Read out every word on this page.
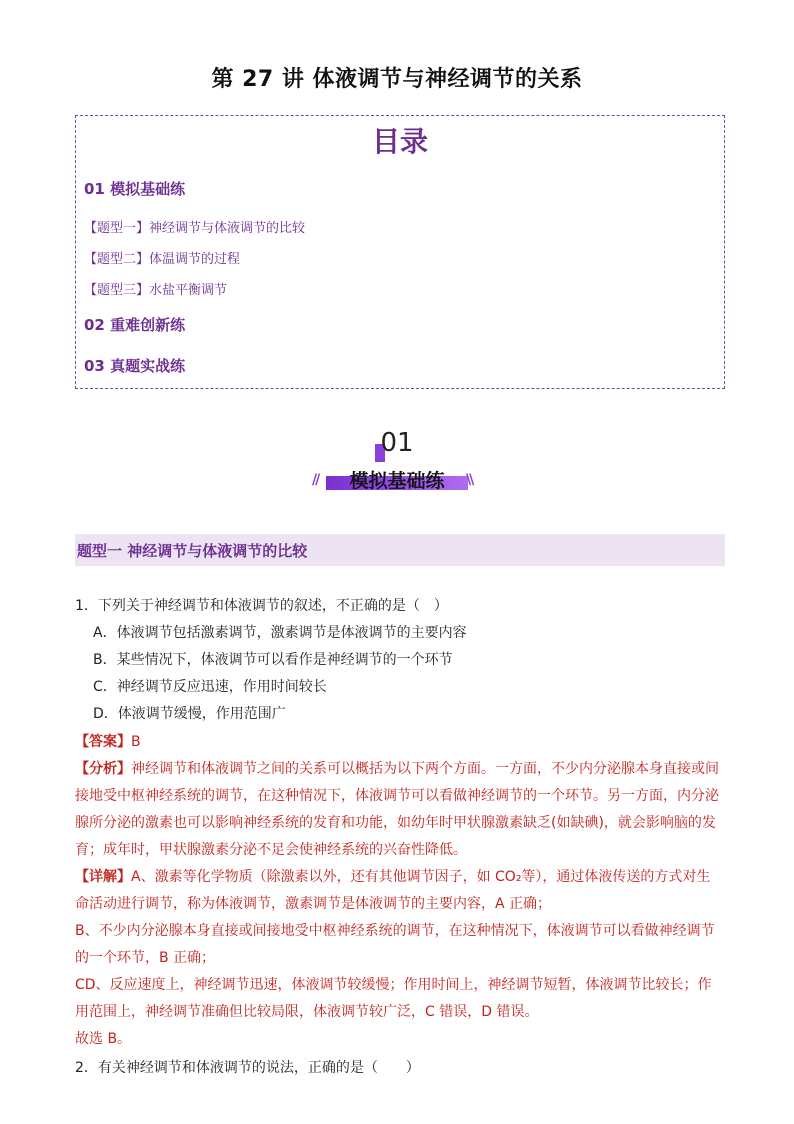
第 27 讲 体液调节与神经调节的关系
目录
01 模拟基础练
【题型一】神经调节与体液调节的比较
【题型二】体温调节的过程
【题型三】水盐平衡调节
02 重难创新练
03 真题实战练
01
//	模拟基础练	\\
题型一 神经调节与体液调节的比较
1．下列关于神经调节和体液调节的叙述，不正确的是（　）
A．体液调节包括激素调节，激素调节是体液调节的主要内容
B．某些情况下，体液调节可以看作是神经调节的一个环节
C．神经调节反应迅速，作用时间较长
D．体液调节缓慢，作用范围广
【答案】B
【分析】神经调节和体液调节之间的关系可以概括为以下两个方面。一方面，不少内分泌腺本身直接或间
接地受中枢神经系统的调节，在这种情况下，体液调节可以看做神经调节的一个环节。另一方面，内分泌
腺所分泌的激素也可以影响神经系统的发育和功能，如幼年时甲状腺激素缺乏(如缺碘)，就会影响脑的发
育；成年时，甲状腺激素分泌不足会使神经系统的兴奋性降低。
【详解】A、激素等化学物质（除激素以外，还有其他调节因子，如 CO₂等），通过体液传送的方式对生
命活动进行调节，称为体液调节，激素调节是体液调节的主要内容，A 正确；
B、不少内分泌腺本身直接或间接地受中枢神经系统的调节，在这种情况下，体液调节可以看做神经调节
的一个环节，B 正确；
CD、反应速度上，神经调节迅速，体液调节较缓慢；作用时间上，神经调节短暂，体液调节比较长；作
用范围上，神经调节准确但比较局限，体液调节较广泛，C 错误，D 错误。
故选 B。
2．有关神经调节和体液调节的说法，正确的是（　　）
